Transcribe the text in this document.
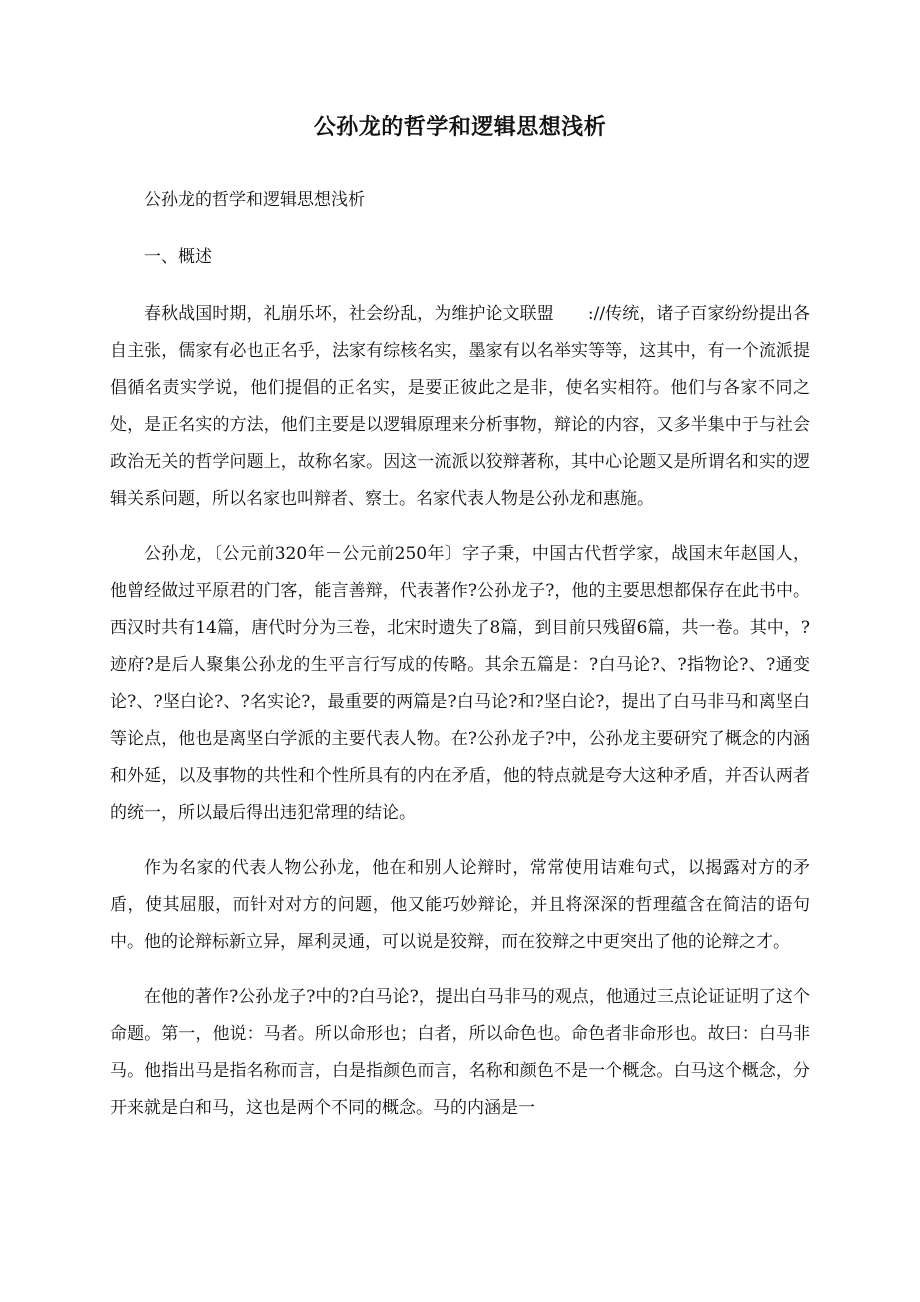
公孙龙的哲学和逻辑思想浅析

公孙龙的哲学和逻辑思想浅析

一、概述

春秋战国时期，礼崩乐坏，社会纷乱，为维护论文联盟　　://传统，诸子百家纷纷提出各自主张，儒家有必也正名乎，法家有综核名实，墨家有以名举实等等，这其中，有一个流派提倡循名责实学说，他们提倡的正名实，是要正彼此之是非，使名实相符。他们与各家不同之处，是正名实的方法，他们主要是以逻辑原理来分析事物，辩论的内容，又多半集中于与社会政治无关的哲学问题上，故称名家。因这一流派以狡辩著称，其中心论题又是所谓名和实的逻辑关系问题，所以名家也叫辩者、察士。名家代表人物是公孙龙和惠施。

公孙龙，〔公元前320年－公元前250年〕字子秉，中国古代哲学家，战国末年赵国人，他曾经做过平原君的门客，能言善辩，代表著作?公孙龙子?，他的主要思想都保存在此书中。西汉时共有14篇，唐代时分为三卷，北宋时遗失了8篇，到目前只残留6篇，共一卷。其中，?迹府?是后人聚集公孙龙的生平言行写成的传略。其余五篇是：?白马论?、?指物论?、?通变论?、?坚白论?、?名实论?，最重要的两篇是?白马论?和?坚白论?，提出了白马非马和离坚白等论点，他也是离坚白学派的主要代表人物。在?公孙龙子?中，公孙龙主要研究了概念的内涵和外延，以及事物的共性和个性所具有的内在矛盾，他的特点就是夸大这种矛盾，并否认两者的统一，所以最后得出违犯常理的结论。

作为名家的代表人物公孙龙，他在和别人论辩时，常常使用诘难句式，以揭露对方的矛盾，使其屈服，而针对对方的问题，他又能巧妙辩论，并且将深深的哲理蕴含在简洁的语句中。他的论辩标新立异，犀利灵通，可以说是狡辩，而在狡辩之中更突出了他的论辩之才。

在他的著作?公孙龙子?中的?白马论?，提出白马非马的观点，他通过三点论证证明了这个命题。第一，他说：马者。所以命形也；白者，所以命色也。命色者非命形也。故曰：白马非马。他指出马是指名称而言，白是指颜色而言，名称和颜色不是一个概念。白马这个概念，分开来就是白和马，这也是两个不同的概念。马的内涵是一
